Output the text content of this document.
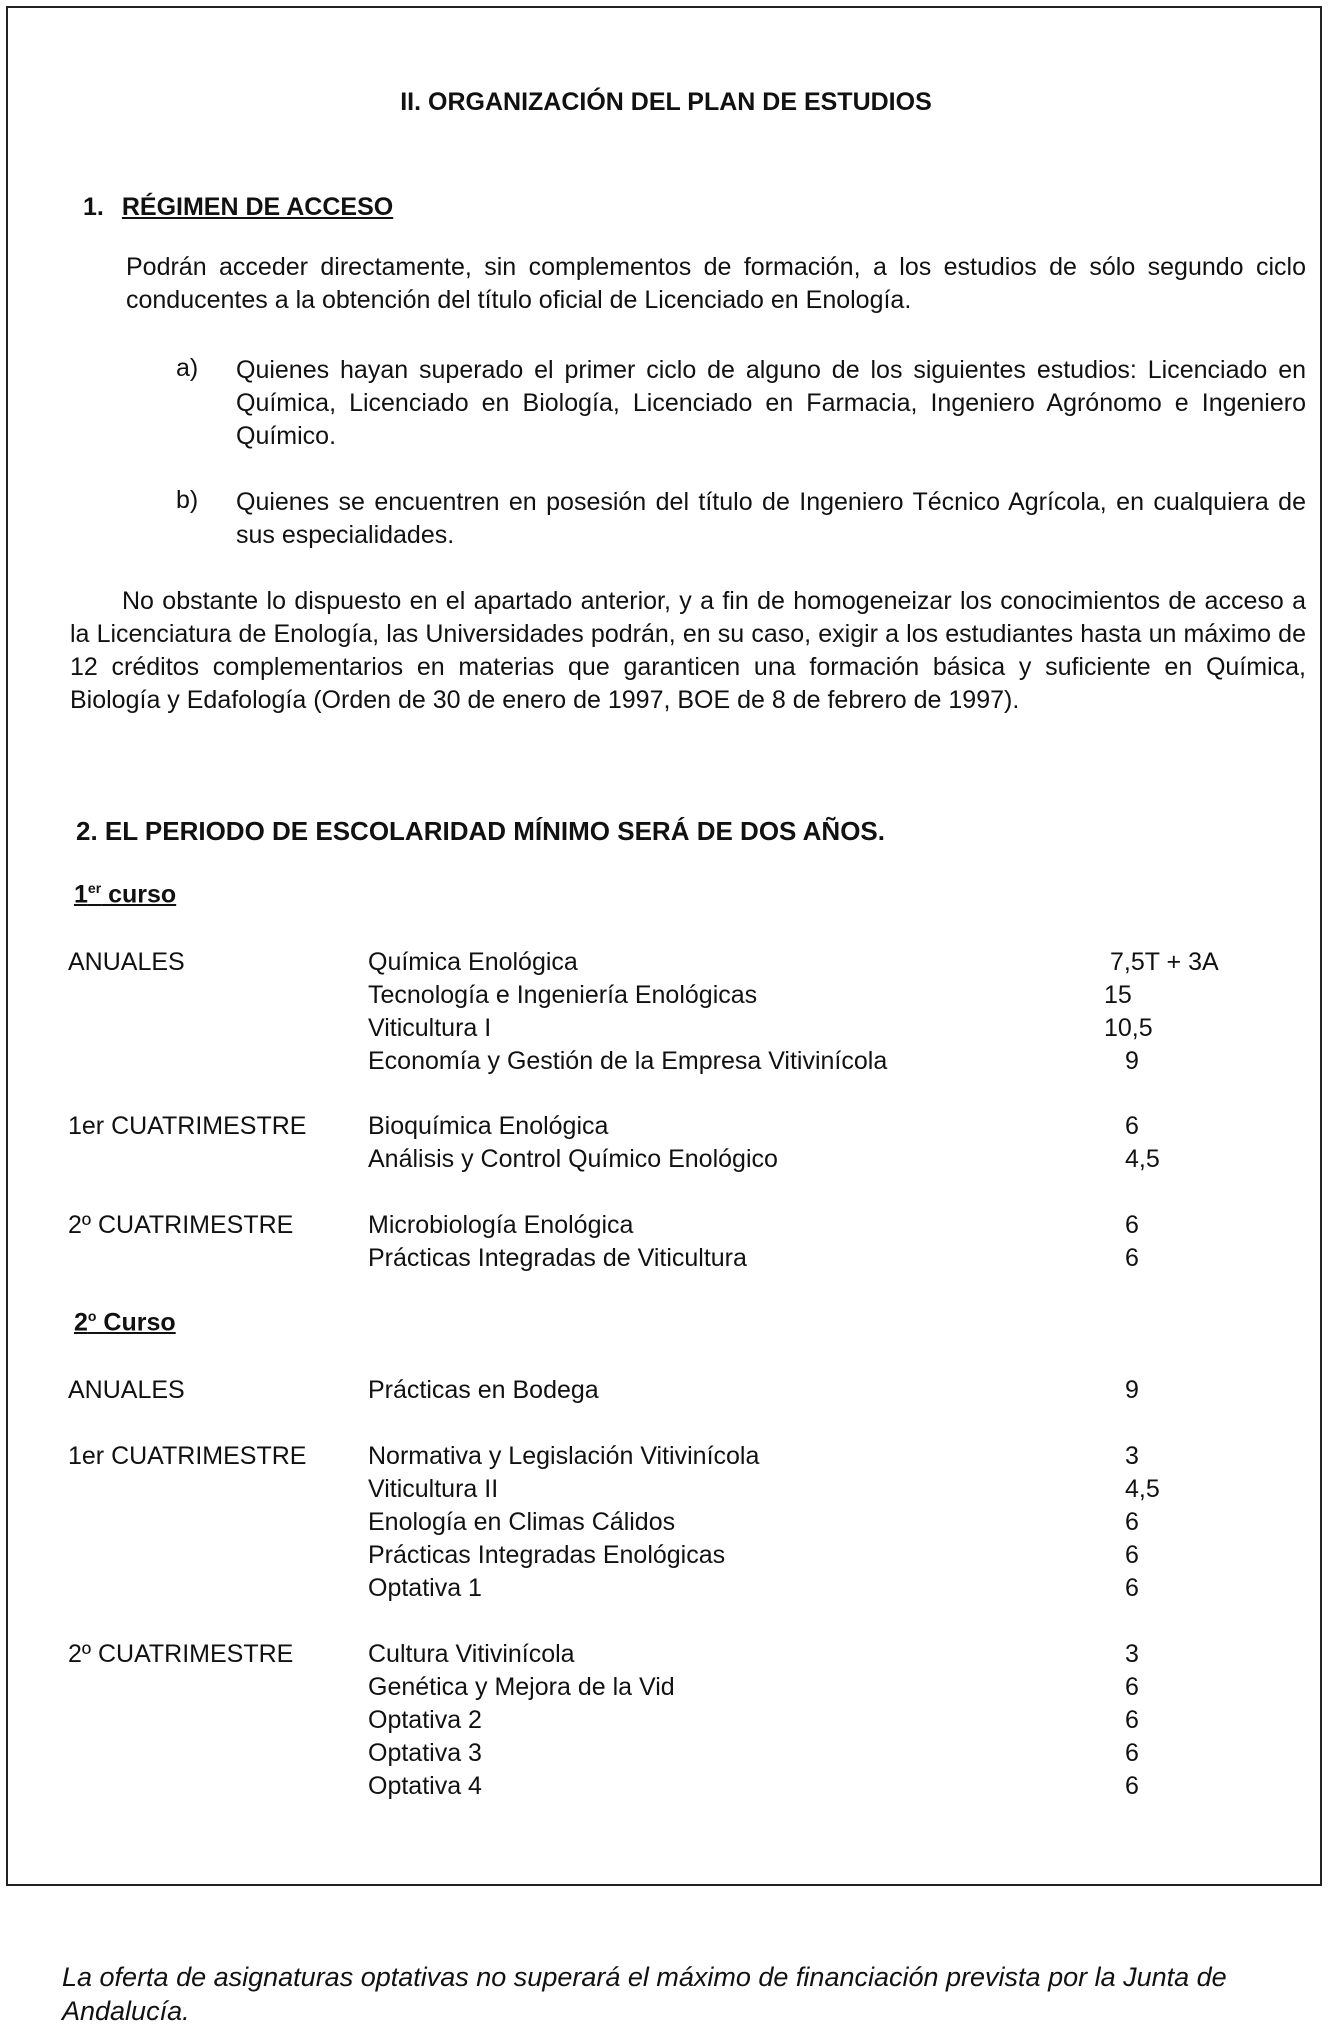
II. ORGANIZACIÓN DEL PLAN DE ESTUDIOS
1. RÉGIMEN DE ACCESO
Podrán acceder directamente, sin complementos de formación, a los estudios de sólo segundo ciclo conducentes a la obtención del título oficial de Licenciado en Enología.
a) Quienes hayan superado el primer ciclo de alguno de los siguientes estudios: Licenciado en Química, Licenciado en Biología, Licenciado en Farmacia, Ingeniero Agrónomo e Ingeniero Químico.
b) Quienes se encuentren en posesión del título de Ingeniero Técnico Agrícola, en cualquiera de sus especialidades.
No obstante lo dispuesto en el apartado anterior, y a fin de homogeneizar los conocimientos de acceso a la Licenciatura de Enología, las Universidades podrán, en su caso, exigir a los estudiantes hasta un máximo de 12 créditos complementarios en materias que garanticen una formación básica y suficiente en Química, Biología y Edafología (Orden de 30 de enero de 1997, BOE de 8 de febrero de 1997).
2. EL PERIODO DE ESCOLARIDAD MÍNIMO SERÁ DE DOS AÑOS.
1er curso
ANUALES	Química Enológica	7,5T + 3A
Tecnología e Ingeniería Enológicas	15
Viticultura I	10,5
Economía y Gestión de la Empresa Vitivinícola	9
1er CUATRIMESTRE Bioquímica Enológica	6
Análisis y Control Químico Enológico	4,5
2º CUATRIMESTRE	Microbiología Enológica	6
Prácticas Integradas de Viticultura	6
2$^o$ Curso
ANUALES	Prácticas en Bodega	9
1er CUATRIMESTRE Normativa y Legislación Vitivinícola	3
Viticultura II	4,5
Enología en Climas Cálidos	6
Prácticas Integradas Enológicas	6
Optativa 1	6
2º CUATRIMESTRE	Cultura Vitivinícola	3
Genética y Mejora de la Vid	6
Optativa 2	6
Optativa 3	6
Optativa 4	6
La oferta de asignaturas optativas no superará el máximo de financiación prevista por la Junta de Andalucía.
